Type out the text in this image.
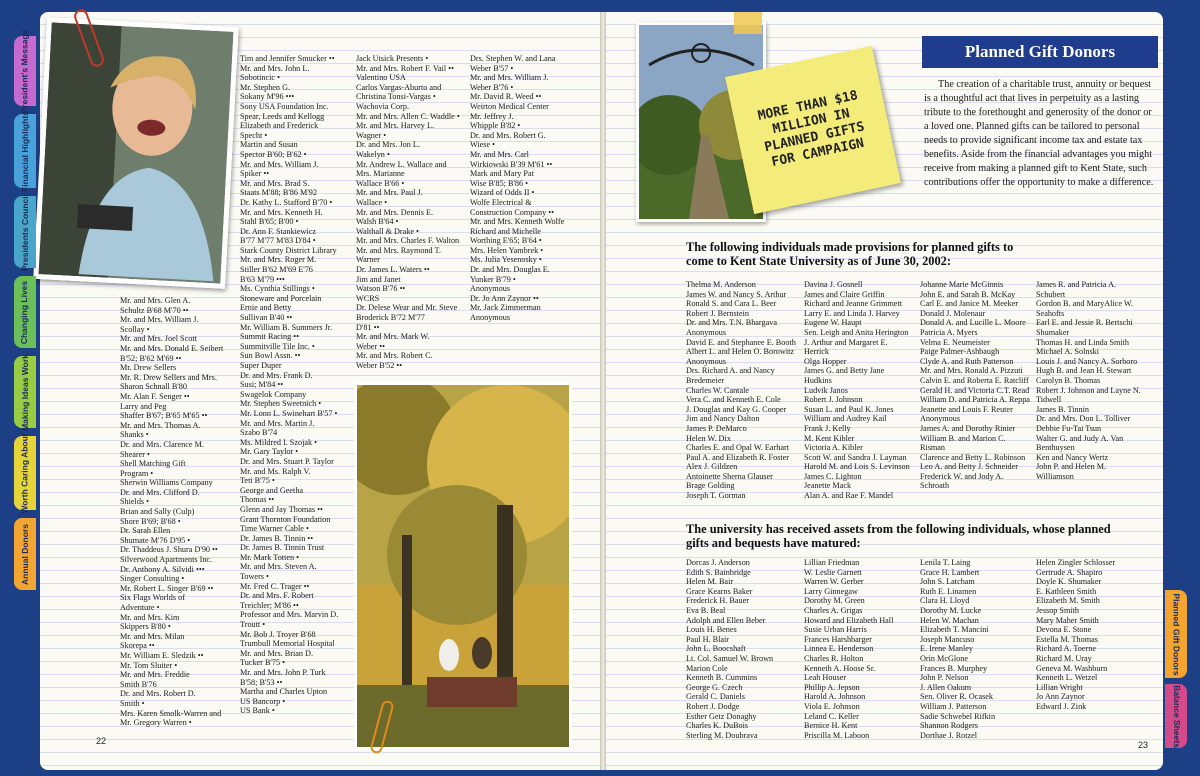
President's Message
Financial Highlights
Presidents Council
Changing Lives
Making Ideas Work
Worth Caring About
Annual Donors
Planned Gift Donors
Balance Sheets
Mr. and Mrs. Glen A.
Schultz B'68 M'70 ••
Mr. and Mrs. William J.
Scollay •
Mr. and Mrs. Joel Scott
Mr. and Mrs. Donald E. Seibert
B'52; B'62 M'69 ••
Mr. Drew Sellers
Mr. R. Drew Sellers and Mrs.
Sharon Schnall B'80
Mr. Alan F. Senger ••
Larry and Peg
Shaffer B'67; B'65 M'65 ••
Mr. and Mrs. Thomas A.
Shanks •
Dr. and Mrs. Clarence M.
Shearer •
Shell Matching Gift
Program •
Sherwin Williams Company
Dr. and Mrs. Clifford D.
Shields •
Brian and Sally (Culp)
Shore B'69; B'68 •
Dr. Sarah Ellen
Shumate M'76 D'95 •
Dr. Thaddeus J. Shura D'90 ••
Silverwood Apartments Inc.
Dr. Anthony A. Silvidi •••
Singer Consulting •
Mr. Robert L. Singer B'69 ••
Six Flags Worlds of
Adventure •
Mr. and Mrs. Kim
Skippers B'80 •
Mr. and Mrs. Milan
Skorepa ••
Mr. William E. Sledzik ••
Mr. Tom Sluiter •
Mr. and Mrs. Freddie
Smith B'76
Dr. and Mrs. Robert D.
Smith •
Mrs. Karen Smolk-Warren and
Mr. Gregory Warren •
Tim and Jennifer Smucker ••
Mr. and Mrs. John L.
Sobotincic •
Mr. Stephen G.
Sokany M'96 •••
Sony USA Foundation Inc.
Spear, Leeds and Kellogg
Elizabeth and Frederick
Specht •
Martin and Susan
Spector B'60; B'62 •
Mr. and Mrs. William J.
Spiker ••
Mr. and Mrs. Brad S.
Staats M'88; B'86 M'92
Dr. Kathy L. Stafford B'70 •
Mr. and Mrs. Kenneth H.
Stahl B'65; B'00 •
Dr. Ann F. Stankiewicz
B'77 M'77 M'83 D'84 •
Stark County District Library
Mr. and Mrs. Roger M.
Stiller B'62 M'69 E'76
B'63 M'79 •••
Ms. Cynthia Stillings •
Stoneware and Porcelain
Ernie and Betty
Sullivan B'40 ••
Mr. William B. Summers Jr.
Summit Racing ••
Summitville Tile Inc. •
Sun Bowl Assn. ••
Super Duper
Dr. and Mrs. Frank D.
Susi; M'84 ••
Swagelok Company
Mr. Stephen Sweetnich •
Mr. Lonn L. Swinehart B'57 •
Mr. and Mrs. Martin J.
Szabo B'74
Ms. Mildred I. Szojak •
Mr. Gary Taylor •
Dr. and Mrs. Stuart P. Taylor
Mr. and Ms. Ralph V.
Teti B'75 •
George and Geetha
Thomas ••
Glenn and Jay Thomas ••
Grant Thornton Foundation
Time Warner Cable •
Dr. James B. Tinnin ••
Dr. James B. Tinnin Trust
Mr. Mark Totten •
Mr. and Mrs. Steven A.
Towers •
Mr. Fred C. Trager ••
Dr. and Mrs. F. Robert
Treichler; M'86 ••
Professor and Mrs. Marvin D.
Troutt •
Mr. Bob J. Troyer B'68
Trumbull Memorial Hospital
Mr. and Mrs. Brian D.
Tucker B'75 •
Mr. and Mrs. John P. Turk
B'58; B'53 ••
Martha and Charles Upton
US Bancorp •
US Bank •
Jack Utsick Presents •
Mr. and Mrs. Robert F. Vail ••
Valentino USA
Carlos Vargas-Aburto and
Christina Tonsi-Vargas •
Wachovia Corp.
Mr. and Mrs. Allen C. Waddle •
Mr. and Mrs. Harvey L.
Wagner •
Dr. and Mrs. Jon L.
Wakelyn •
Mr. Andrew L. Wallace and
Mrs. Marianne
Wallace B'66 •
Mr. and Mrs. Paul J.
Wallace •
Mr. and Mrs. Dennis E.
Walsh B'64 •
Walthall & Drake •
Mr. and Mrs. Charles F. Walton
Mr. and Mrs. Raymond T.
Warner
Dr. James L. Waters ••
Jim and Janet
Watson B'76 ••
WCRS
Dr. Delese Wear and Mr. Steve
Broderick B'72 M'77
D'81 ••
Mr. and Mrs. Mark W.
Weber ••
Mr. and Mrs. Robert C.
Weber B'52 ••
Drs. Stephen W. and Lana
Weber B'57 •
Mr. and Mrs. William J.
Weber B'76 •
Mr. David R. Weed ••
Weirton Medical Center
Mr. Jeffrey J.
Whipple B'82 •
Dr. and Mrs. Robert G.
Wiese •
Mr. and Mrs. Carl
Wirkiowski B'39 M'61 ••
Mark and Mary Pat
Wise B'85; B'86 •
Wizard of Odds II •
Wolfe Electrical &
Construction Company ••
Mr. and Mrs. Kenneth Wolfe
Richard and Michelle
Worthing E'65; B'64 •
Mrs. Helen Yambrek •
Ms. Julia Yesenosky •
Dr. and Mrs. Douglas E.
Yunker B'79 •
Anonymous
Dr. Jo Ann Zaynor ••
Mr. Jack Zimmerman
Anonymous
22
MORE THAN $18 MILLION IN PLANNED GIFTS FOR CAMPAIGN
Planned Gift Donors
The creation of a charitable trust, annuity or bequest is a thoughtful act that lives in perpetuity as a lasting tribute to the forethought and generosity of the donor or a loved one. Planned gifts can be tailored to personal needs to provide significant income tax and estate tax benefits. Aside from the financial advantages you might receive from making a planned gift to Kent State, such contributions offer the opportunity to make a difference.
The following individuals made provisions for planned gifts to come to Kent State University as of June 30, 2002:
Thelma M. Anderson
James W. and Nancy S. Arthur
Ronald S. and Cara L. Beer
Robert J. Bernstein
Dr. and Mrs. T.N. Bhargava
Anonymous
David E. and Stephanee E. Booth
Albert L. and Helen O. Borowitz
Anonymous
Drs. Richard A. and Nancy
Bredemeier
Charles W. Cantale
Vera C. and Kenneth E. Cole
J. Douglas and Kay G. Cooper
Jim and Nancy Dalton
James P. DeMarco
Helen W. Dix
Charles E. and Opal W. Earhart
Paul A. and Elizabeth R. Foster
Alex J. Gildzen
Antoinette Sherna Glauser
Brage Golding
Joseph T. Gorman
Davina J. Gosnell
James and Claire Griffin
Richard and Jeanne Grimmett
Larry E. and Linda J. Harvey
Eugene W. Haupt
Sen. Leigh and Anita Herington
J. Arthur and Margaret E.
Herrick
Olga Hopper
James G. and Betty Jane
Hudkins
Ludvik Janos
Robert J. Johnson
Susan L. and Paul K. Jones
William and Audrey Kail
Frank J. Kelly
M. Kent Kibler
Victoria A. Kibler
Scott W. and Sandra J. Layman
Harold M. and Lois S. Levinson
James C. Lighton
Jeanette Mack
Alan A. and Rae F. Mandel
Johanne Marie McGinnis
John E. and Sarah B. McKay
Carl E. and Janice M. Meeker
Donald J. Molenaur
Donald A. and Lucille L. Moore
Patricia A. Myers
Velma E. Neumeister
Paige Palmer-Ashbaugh
Clyde A. and Ruth Patterson
Mr. and Mrs. Ronald A. Pizzuti
Calvin E. and Roberta E. Ratcliff
Gerald H. and Victoria C.T. Read
William D. and Patricia A. Reppa
Jeanette and Louis F. Reuter
Anonymous
James A. and Dorothy Rinier
William B. and Marion C.
Risman
Clarence and Betty L. Robinson
Leo A. and Betty J. Schneider
Frederick W. and Jody A.
Schroath
James R. and Patricia A.
Schubert
Gordon B. and MaryAlice W.
Seahofts
Earl E. and Jessie R. Bertschi
Shumaker
Thomas H. and Linda Smith
Michael A. Solnski
Louis J. and Nancy A. Sorboro
Hugh B. and Jean H. Stewart
Carolyn B. Thomas
Robert J. Johnson and Layne N.
Tidwell
James B. Tinnin
Dr. and Mrs. Don L. Tolliver
Debbie Fu-Tai Tsun
Walter G. and Judy A. Van
Benthuysen
Ken and Nancy Wertz
John P. and Helen M.
Williamson
The university has received assets from the following individuals, whose planned gifts and bequests have matured:
Dorcas J. Anderson
Edith S. Bainbridge
Helen M. Bair
Grace Kearns Baker
Frederick H. Bauer
Eva B. Beal
Adolph and Ellen Beber
Louis H. Benes
Paul H. Blair
John L. Boocshaft
Lt. Col. Samuel W. Brown
Marion Cole
Kenneth B. Cummins
George G. Czech
Gerald C. Daniels
Robert J. Dodge
Esther Getz Donaghy
Charles K. DuBois
Sterling M. Doubrava
Lillian Friedman
W. Leslie Garnett
Warren W. Gerber
Larry Ginnegaw
Dorothy M. Green
Charles A. Grigas
Howard and Elizabeth Hall
Susie Urban Harris
Frances Harshbarger
Linnea E. Henderson
Charles R. Holton
Kenneth A. Hoose Sr.
Leah Houser
Phillip A. Jepson
Harold A. Johnson
Viola E. Johnson
Leland C. Keller
Bernice H. Kent
Priscilla M. Laboon
Lenila T. Laing
Grace H. Lambert
John S. Latcham
Ruth E. Linamen
Clara H. Lloyd
Dorothy M. Lucke
Helen W. Machan
Elizabeth T. Mancini
Joseph Mancuso
E. Irene Manley
Orin McGlone
Frances B. Murphey
John P. Nelson
J. Allen Oakum
Sen. Oliver R. Ocasek
William J. Patterson
Sadie Schwebel Rifkin
Shannon Rodgers
Dorthae J. Rotzel
Helen Zingler Schlosser
Gertrude A. Shapiro
Doyle K. Shumaker
E. Kathleen Smith
Elizabeth M. Smith
Jessop Smith
Mary Maher Smith
Devona E. Stone
Estella M. Thomas
Richard A. Toerne
Richard M. Uray
Geneva M. Washburn
Kenneth L. Wetzel
Lillian Wright
Jo Ann Zaynor
Edward J. Zink
23
